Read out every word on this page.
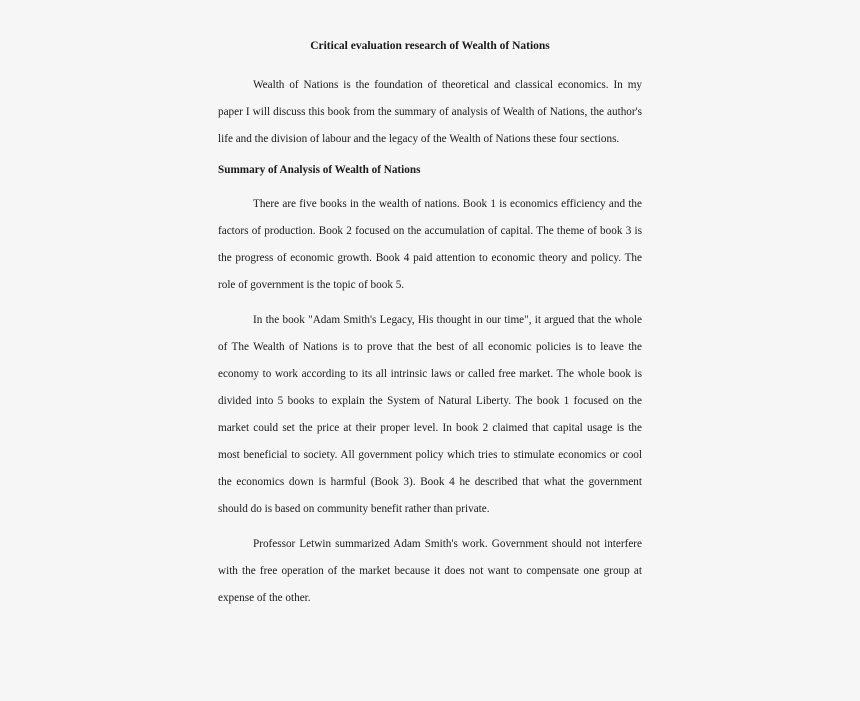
Critical evaluation research of Wealth of Nations

Wealth of Nations is the foundation of theoretical and classical economics. In my paper I will discuss this book from the summary of analysis of Wealth of Nations, the author's life and the division of labour and the legacy of the Wealth of Nations these four sections.

Summary of Analysis of Wealth of Nations

There are five books in the wealth of nations. Book 1 is economics efficiency and the factors of production. Book 2 focused on the accumulation of capital. The theme of book 3 is the progress of economic growth. Book 4 paid attention to economic theory and policy. The role of government is the topic of book 5.

In the book "Adam Smith's Legacy, His thought in our time", it argued that the whole of The Wealth of Nations is to prove that the best of all economic policies is to leave the economy to work according to its all intrinsic laws or called free market. The whole book is divided into 5 books to explain the System of Natural Liberty. The book 1 focused on the market could set the price at their proper level. In book 2 claimed that capital usage is the most beneficial to society. All government policy which tries to stimulate economics or cool the economics down is harmful (Book 3). Book 4 he described that what the government should do is based on community benefit rather than private.

Professor Letwin summarized Adam Smith's work. Government should not interfere with the free operation of the market because it does not want to compensate one group at expense of the other.
